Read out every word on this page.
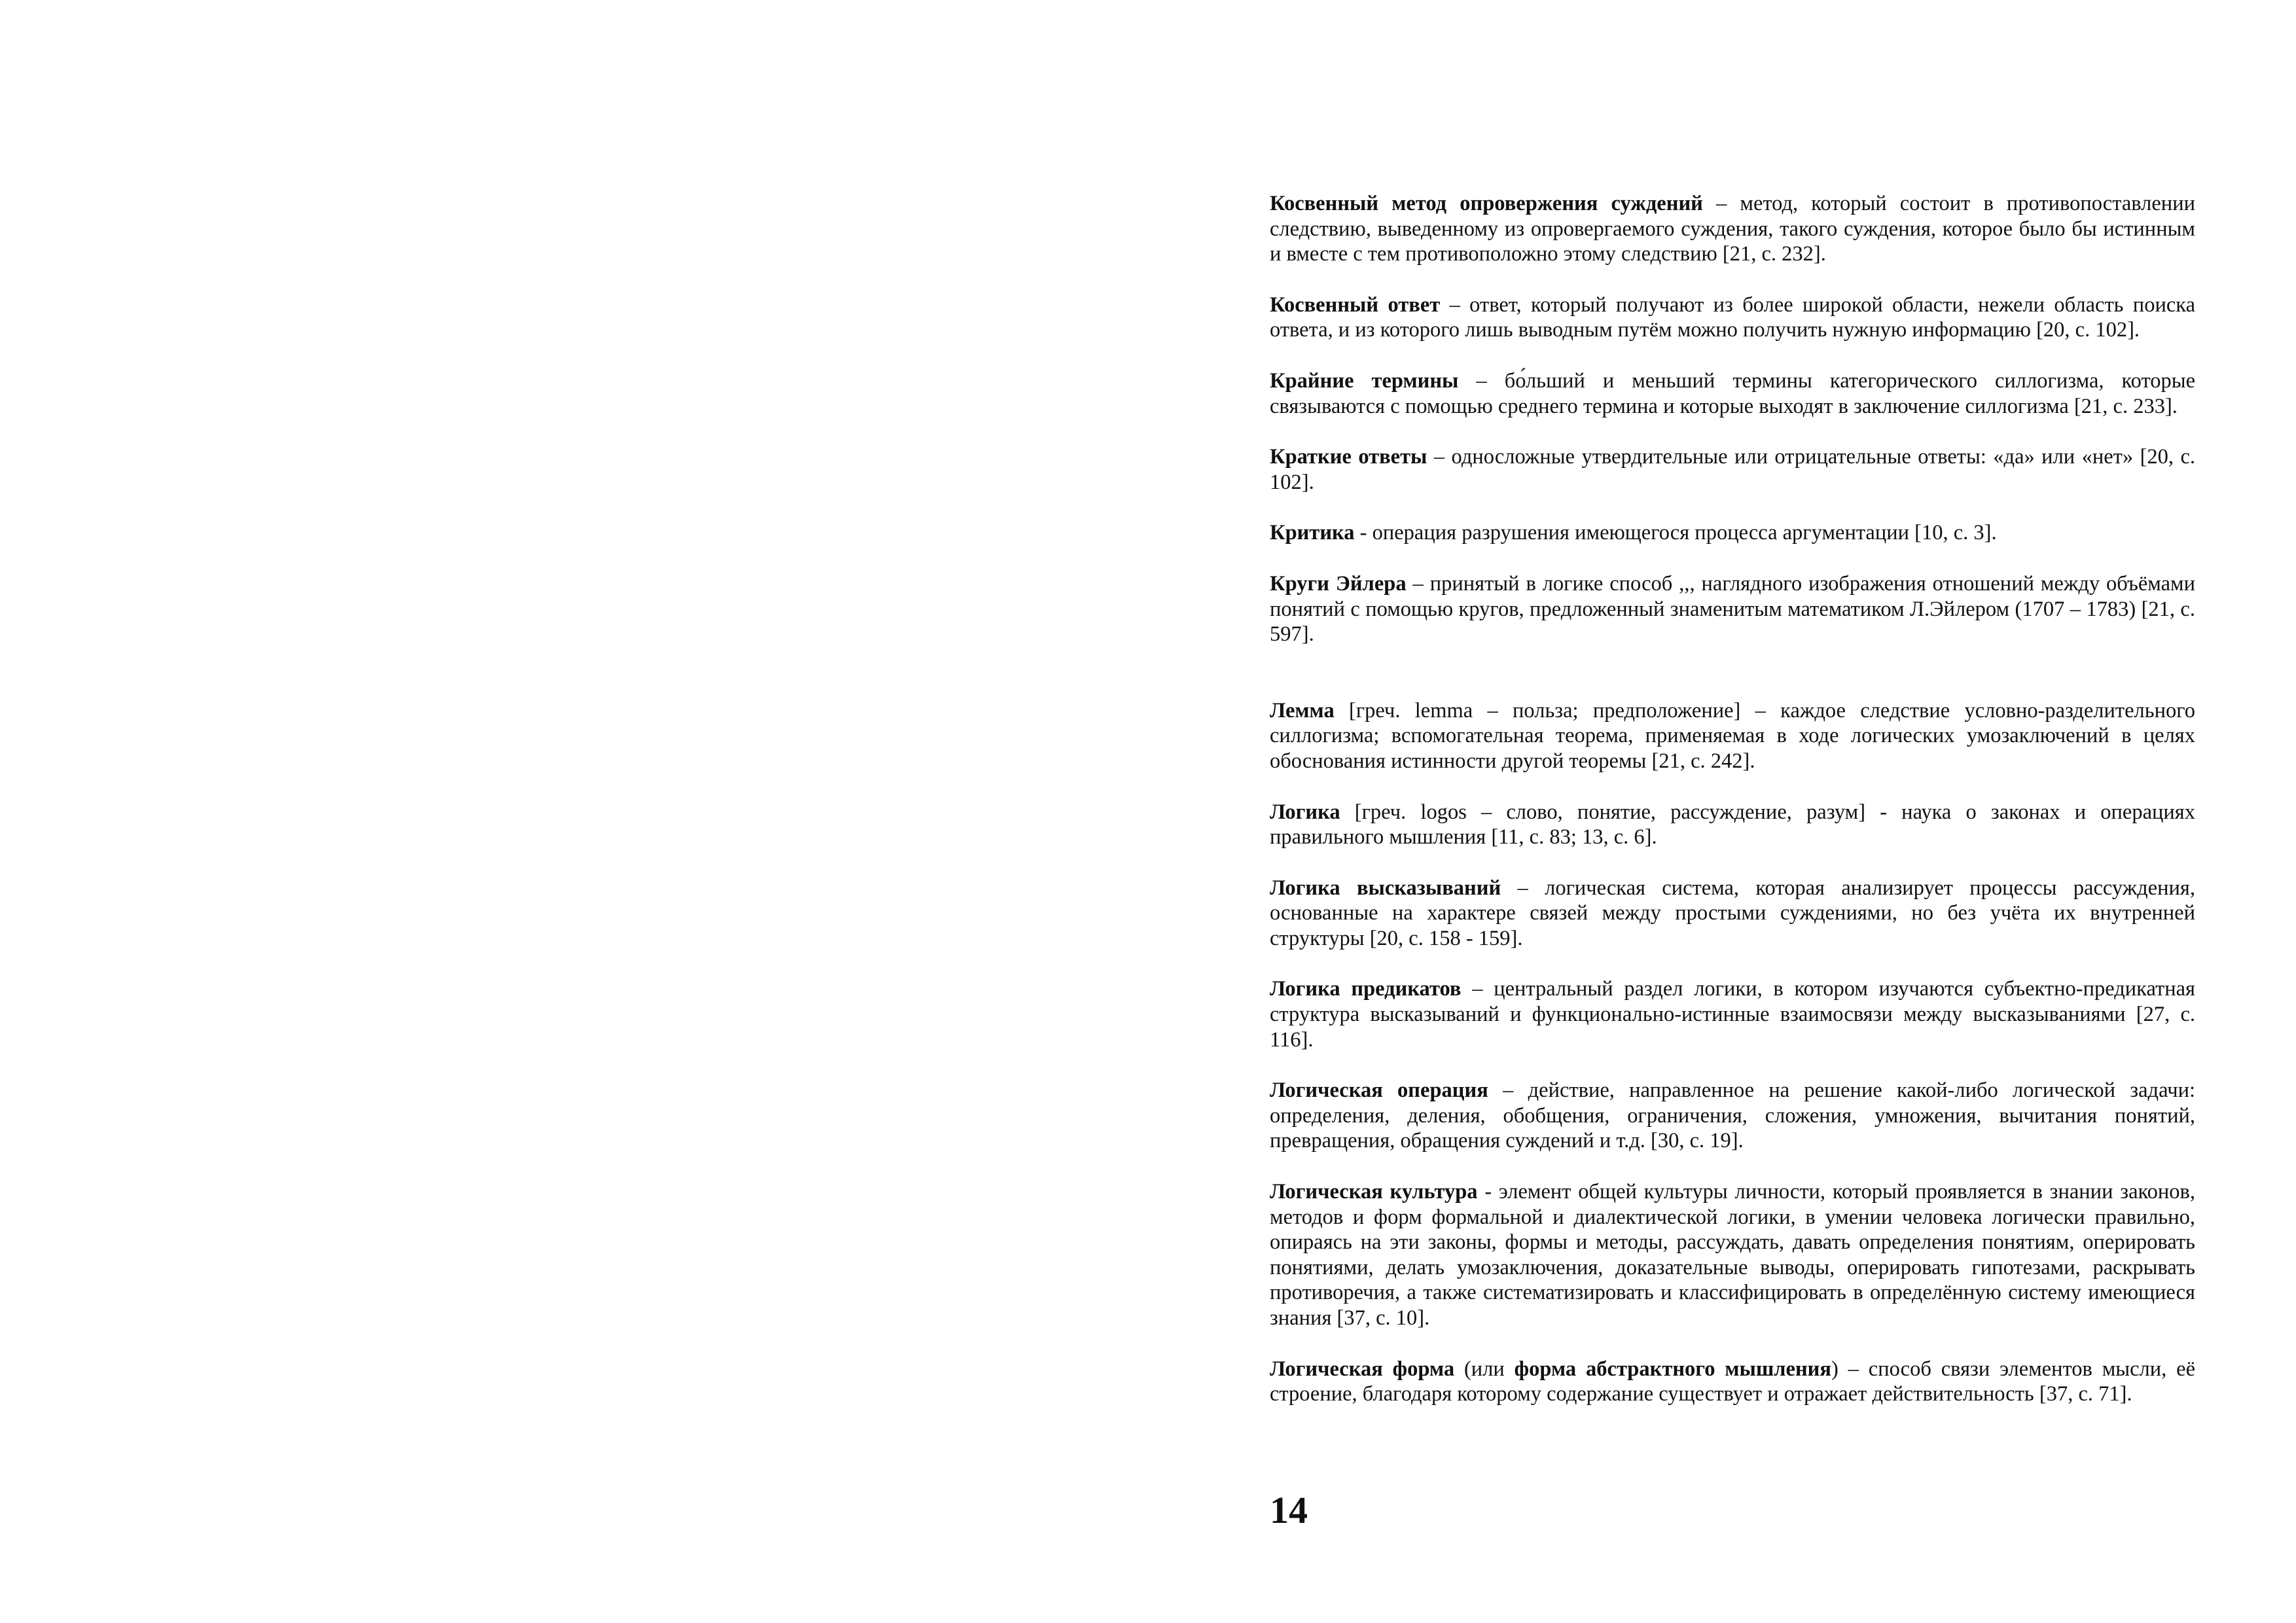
Косвенный метод опровержения суждений – метод, который состоит в противопоставлении следствию, выведенному из опровергаемого суждения, такого суждения, которое было бы истинным и вместе с тем противоположно этому следствию [21, с. 232].

Косвенный ответ – ответ, который получают из более широкой области, нежели область поиска ответа, и из которого лишь выводным путём можно получить нужную информацию [20, с. 102].

Крайние термины – бо́льший и меньший термины категорического силлогизма, которые связываются с помощью среднего термина и которые выходят в заключение силлогизма [21, с. 233].

Краткие ответы – односложные утвердительные или отрицательные ответы: «да» или «нет» [20, с. 102].

Критика - операция разрушения имеющегося процесса аргументации [10, с. 3].

Круги Эйлера – принятый в логике способ ,,, наглядного изображения отношений между объёмами понятий с помощью кругов, предложенный знаменитым математиком Л.Эйлером (1707 – 1783) [21, с. 597].

Лемма [греч. lemma – польза; предположение] – каждое следствие условно-разделительного силлогизма; вспомогательная теорема, применяемая в ходе логических умозаключений в целях обоснования истинности другой теоремы [21, с. 242].

Логика [греч. logos – слово, понятие, рассуждение, разум] - наука о законах и операциях правильного мышления [11, с. 83; 13, с. 6].

Логика высказываний – логическая система, которая анализирует процессы рассуждения, основанные на характере связей между простыми суждениями, но без учёта их внутренней структуры [20, с. 158 - 159].

Логика предикатов – центральный раздел логики, в котором изучаются субъектно-предикатная структура высказываний и функционально-истинные взаимосвязи между высказываниями [27, с. 116].

Логическая операция – действие, направленное на решение какой-либо логической задачи: определения, деления, обобщения, ограничения, сложения, умножения, вычитания понятий, превращения, обращения суждений и т.д. [30, с. 19].

Логическая культура - элемент общей культуры личности, который проявляется в знании законов, методов и форм формальной и диалектической логики, в умении человека логически правильно, опираясь на эти законы, формы и методы, рассуждать, давать определения понятиям, оперировать понятиями, делать умозаключения, доказательные выводы, оперировать гипотезами, раскрывать противоречия, а также систематизировать и классифицировать в определённую систему имеющиеся знания [37, с. 10].

Логическая форма (или форма абстрактного мышления) – способ связи элементов мысли, её строение, благодаря которому содержание существует и отражает действительность [37, с. 71].

14
